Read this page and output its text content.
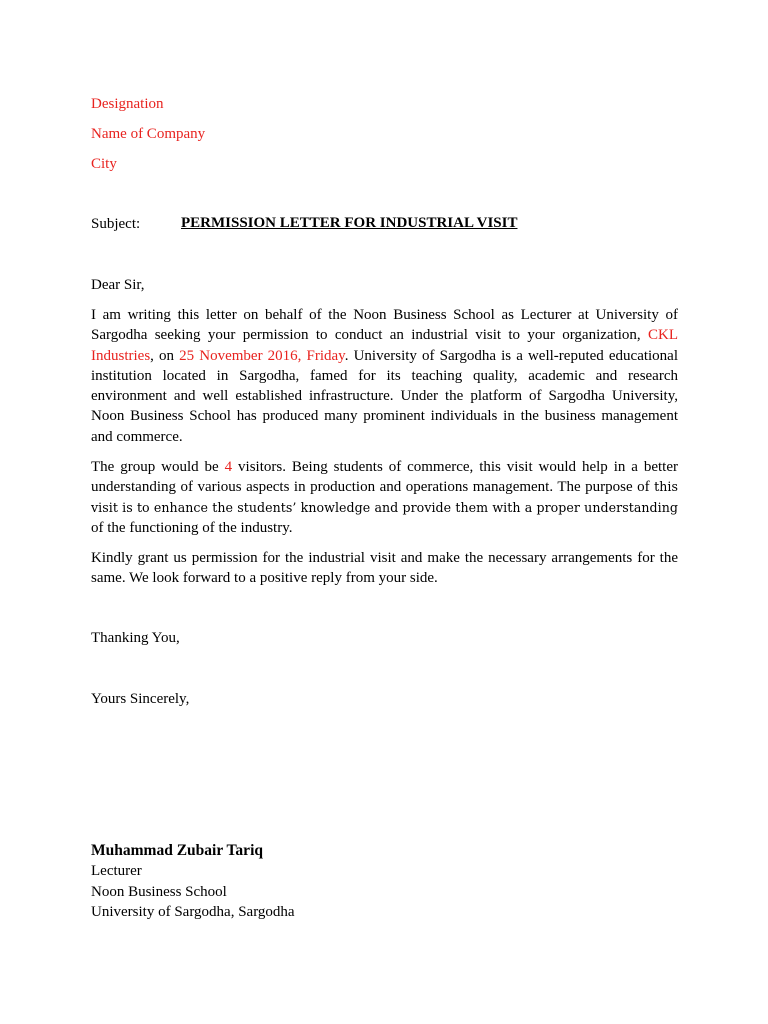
Designation
Name of Company
City
Subject:	PERMISSION LETTER FOR INDUSTRIAL VISIT
Dear Sir,
I am writing this letter on behalf of the Noon Business School as Lecturer at University of Sargodha seeking your permission to conduct an industrial visit to your organization, CKL Industries, on 25 November 2016, Friday. University of Sargodha is a well-reputed educational institution located in Sargodha, famed for its teaching quality, academic and research environment and well established infrastructure. Under the platform of Sargodha University, Noon Business School has produced many prominent individuals in the business management and commerce.
The group would be 4 visitors. Being students of commerce, this visit would help in a better understanding of various aspects in production and operations management. The purpose of this visit is to enhance the students’ knowledge and provide them with a proper understanding of the functioning of the industry.
Kindly grant us permission for the industrial visit and make the necessary arrangements for the same. We look forward to a positive reply from your side.
Thanking You,
Yours Sincerely,
Muhammad Zubair Tariq
Lecturer
Noon Business School
University of Sargodha, Sargodha
